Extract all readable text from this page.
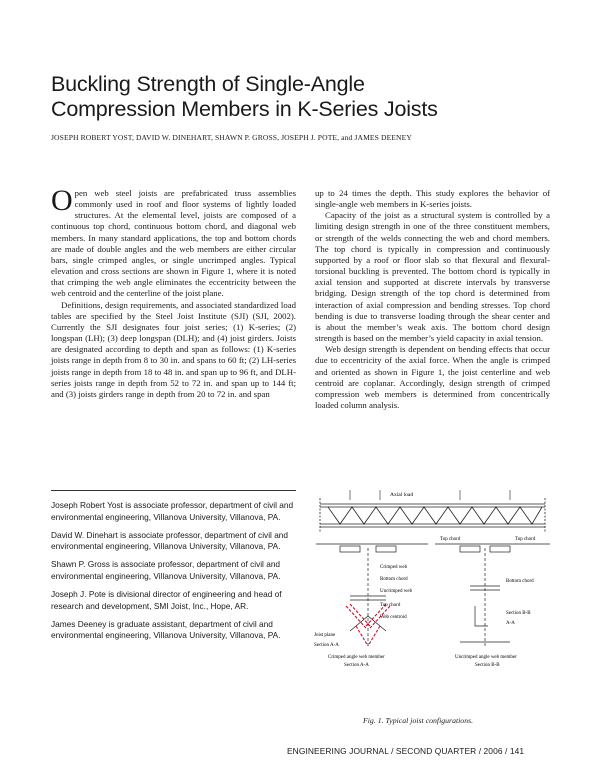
Buckling Strength of Single-Angle
Compression Members in K-Series Joists
JOSEPH ROBERT YOST, DAVID W. DINEHART, SHAWN P. GROSS, JOSEPH J. POTE, and JAMES DEENEY

Open web steel joists are prefabricated truss assemblies commonly used in roof and floor systems of lightly loaded structures. At the elemental level, joists are composed of a continuous top chord, continuous bottom chord, and diagonal web members. In many standard applications, the top and bottom chords are made of double angles and the web members are either circular bars, single crimped angles, or single uncrimped angles. Typical elevation and cross sections are shown in Figure 1, where it is noted that crimping the web angle eliminates the eccentricity between the web centroid and the centerline of the joist plane.

Definitions, design requirements, and associated standardized load tables are specified by the Steel Joist Institute (SJI) (SJI, 2002). Currently the SJI designates four joist series; (1) K-series; (2) longspan (LH); (3) deep longspan (DLH); and (4) joist girders. Joists are designated according to depth and span as follows: (1) K-series joists range in depth from 8 to 30 in. and spans to 60 ft; (2) LH-series joists range in depth from 18 to 48 in. and span up to 96 ft, and DLH-series joists range in depth from 52 to 72 in. and span up to 144 ft; and (3) joists girders range in depth from 20 to 72 in. and span

up to 24 times the depth. This study explores the behavior of single-angle web members in K-series joists.

Capacity of the joist as a structural system is controlled by a limiting design strength in one of the three constituent members, or strength of the welds connecting the web and chord members. The top chord is typically in compression and continuously supported by a roof or floor slab so that flexural and flexural-torsional buckling is prevented. The bottom chord is typically in axial tension and supported at discrete intervals by transverse bridging. Design strength of the top chord is determined from interaction of axial compression and bending stresses. Top chord bending is due to transverse loading through the shear center and is about the member’s weak axis. The bottom chord design strength is based on the member’s yield capacity in axial tension.

Web design strength is dependent on bending effects that occur due to eccentricity of the axial force. When the angle is crimped and oriented as shown in Figure 1, the joist centerline and web centroid are coplanar. Accordingly, design strength of crimped compression web members is determined from concentrically loaded column analysis.

Joseph Robert Yost is associate professor, department of civil and environmental engineering, Villanova University, Villanova, PA.

David W. Dinehart is associate professor, department of civil and environmental engineering, Villanova University, Villanova, PA.

Shawn P. Gross is associate professor, department of civil and environmental engineering, Villanova University, Villanova, PA.

Joseph J. Pote is divisional director of engineering and head of research and development, SMI Joist, Inc., Hope, AR.

James Deeney is graduate assistant, department of civil and environmental engineering, Villanova University, Villanova, PA.

Axial load
Crimped web
Bottom chord
Uncrimped web
Top chord
Web centroid
Joist plane
Section A-A
Crimped angle web member
Section A-A
Top chord	Top chord
Bottom chord
Section B-B
A-A
Uncrimped angle web member
Section B-B
Fig. 1. Typical joist configurations.
ENGINEERING JOURNAL / SECOND QUARTER / 2006 / 141
